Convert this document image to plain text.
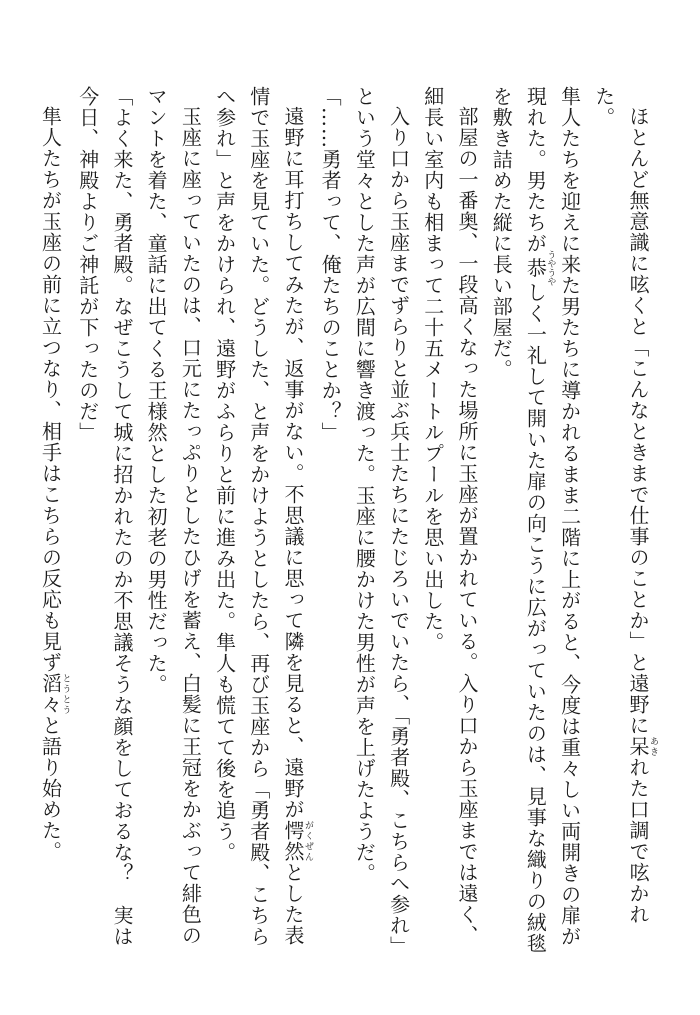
ほとんど無意識に呟くと「こんなときまで仕事のことか」と遠野に呆あきれた口調で呟かれた。

隼人たちを迎えに来た男たちに導かれるまま二階に上がると、今度は重々しい両開きの扉が現れた。男たちが恭うやうやしく一礼して開いた扉の向こうに広がっていたのは、見事な織りの絨毯を敷き詰めた縦に長い部屋だ。

部屋の一番奥、一段高くなった場所に玉座が置かれている。入り口から玉座までは遠く、細長い室内も相まって二十五メートルプールを思い出した。

入り口から玉座までずらりと並ぶ兵士たちにたじろいでいたら、「勇者殿、こちらへ参れ」という堂々とした声が広間に響き渡った。玉座に腰かけた男性が声を上げたようだ。

「……勇者って、俺たちのことか？」

遠野に耳打ちしてみたが、返事がない。不思議に思って隣を見ると、遠野が愕然がくぜんとした表情で玉座を見ていた。どうした、と声をかけようとしたら、再び玉座から「勇者殿、こちらへ参れ」と声をかけられ、遠野がふらりと前に進み出た。隼人も慌てて後を追う。

玉座に座っていたのは、口元にたっぷりとしたひげを蓄え、白髪に王冠をかぶって緋色のマントを着た、童話に出てくる王様然とした初老の男性だった。

「よく来た、勇者殿。なぜこうして城に招かれたのか不思議そうな顔をしておるな？　実は今日、神殿よりご神託が下ったのだ」

隼人たちが玉座の前に立つなり、相手はこちらの反応も見ず滔々とうとうと語り始めた。
